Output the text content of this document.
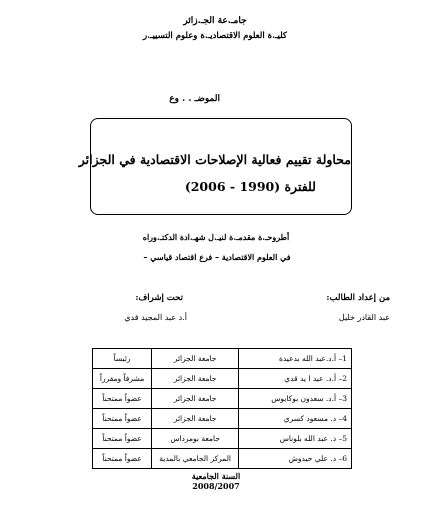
جامـ.عة الجـ.زائر
كليـ.ة العلوم الاقتصاديـ.ة وعلوم التسييـ.ر
الموضـ . . وع
محاولة تقييم فعالية الإصلاحات الاقتصادية في الجزائر
للفترة (1990 - 2006)
أطروحـ.ة مقدمـ.ة لنيـ.ل شهـ.ادة الدكتـ.وراه
في العلوم الاقتصادية – فرع اقتصاد قياسي –
من إعداد الطالب:
عبد القادر خليل
تحت إشراف:
أ.د عبد المجيد قدي
1– أ.د.عبد الله بدعيدة	جامعة الجزائر	رئيساً
2– أ.د. عبد ا يد قدي	جامعة الجزائر	مشرفاً ومقرراً
3– أ.د. سعدون بوكابوس	جامعة الجزائر	عضواً ممتحناً
4– د. مسعود كسري	جامعة الجزائر	عضواً ممتحناً
5– د. عبد الله بلوناس	جامعة بومرداس	عضواً ممتحناً
6– د. علي حيدوش	المركز الجامعي بالمدية	عضواً ممتحناً
السنة الجامعية
2008/2007
